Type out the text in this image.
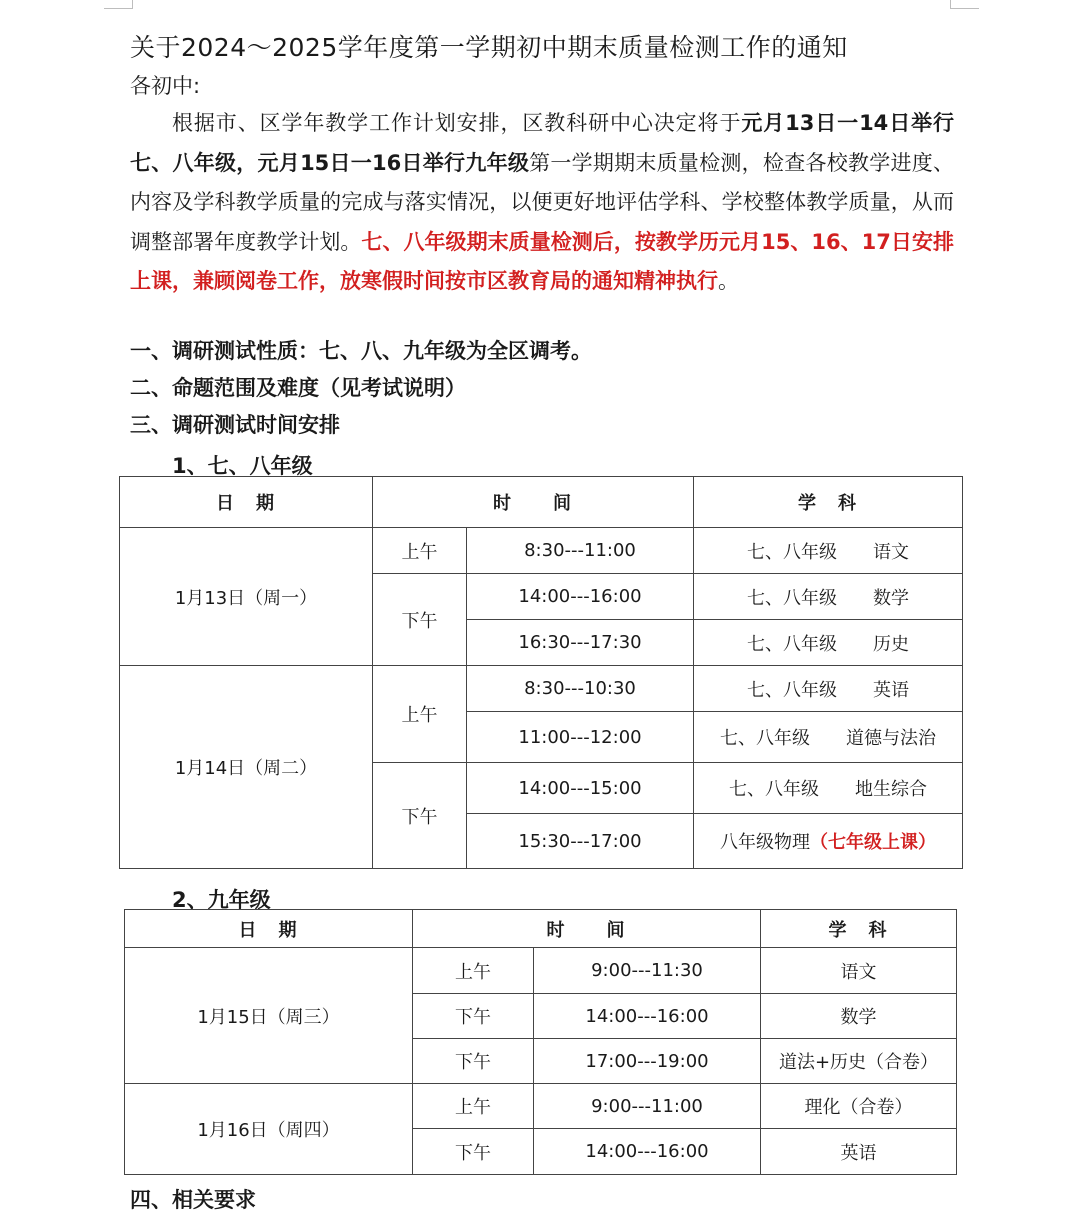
关于2024～2025学年度第一学期初中期末质量检测工作的通知
各初中:

根据市、区学年教学工作计划安排，区教科研中心决定将于元月13日一14日举行七、八年级，元月15日一16日举行九年级第一学期期末质量检测，检查各校教学进度、内容及学科教学质量的完成与落实情况，以便更好地评估学科、学校整体教学质量，从而调整部署年度教学计划。七、八年级期末质量检测后，按教学历元月15、16、17日安排上课，兼顾阅卷工作，放寒假时间按市区教育局的通知精神执行。

一、调研测试性质：七、八、九年级为全区调考。
二、命题范围及难度（见考试说明）
三、调研测试时间安排
1、七、八年级
日　期	时　　间		学　科
1月13日（周一）	上午	8:30---11:00	七、八年级　　 语文
	下午	14:00---16:00	七、八年级　　 数学
		16:30---17:30	七、八年级　　 历史
1月14日（周二）	上午	8:30---10:30	七、八年级　　 英语
		11:00---12:00	七、八年级　　 道德与法治
	下午	14:00---15:00	七、八年级　　 地生综合
		15:30---17:00	八年级物理（七年级上课）
2、九年级
日　期	时　　间		学　科
1月15日（周三）	上午	9:00---11:30	语文
	下午	14:00---16:00	数学
	下午	17:00---19:00	道法+历史（合卷）
1月16日（周四）	上午	9:00---11:00	理化（合卷）
	下午	14:00---16:00	英语
四、相关要求
